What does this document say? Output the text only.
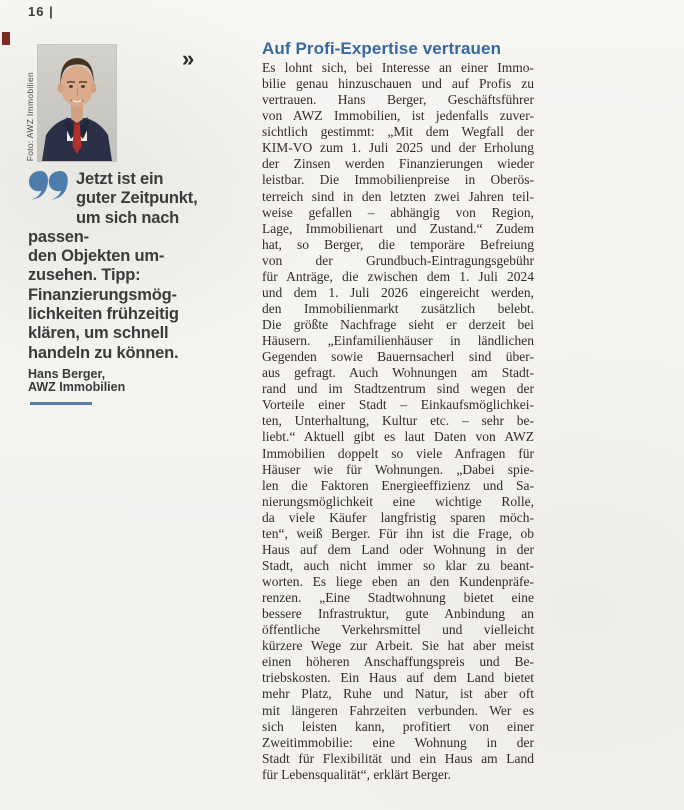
16 |
Foto: AWZ Immobilien
»
Jetzt ist ein
guter Zeitpunkt,
um sich nach passen-
den Objekten um-
zusehen. Tipp:
Finanzierungsmög-
lichkeiten frühzeitig
klären, um schnell
handeln zu können.
Hans Berger,
AWZ Immobilien
Auf Profi-Expertise vertrauen
Es lohnt sich, bei Interesse an einer Immo-
bilie genau hinzuschauen und auf Profis zu
vertrauen. Hans Berger, Geschäftsführer
von AWZ Immobilien, ist jedenfalls zuver-
sichtlich gestimmt: „Mit dem Wegfall der
KIM-VO zum 1. Juli 2025 und der Erholung
der Zinsen werden Finanzierungen wieder
leistbar. Die Immobilienpreise in Oberös-
terreich sind in den letzten zwei Jahren teil-
weise gefallen – abhängig von Region,
Lage, Immobilienart und Zustand.“ Zudem
hat, so Berger, die temporäre Befreiung
von der Grundbuch-Eintragungsgebühr
für Anträge, die zwischen dem 1. Juli 2024
und dem 1. Juli 2026 eingereicht werden,
den Immobilienmarkt zusätzlich belebt.
Die größte Nachfrage sieht er derzeit bei
Häusern. „Einfamilienhäuser in ländlichen
Gegenden sowie Bauernsacherl sind über-
aus gefragt. Auch Wohnungen am Stadt-
rand und im Stadtzentrum sind wegen der
Vorteile einer Stadt – Einkaufsmöglichkei-
ten, Unterhaltung, Kultur etc. – sehr be-
liebt.“ Aktuell gibt es laut Daten von AWZ
Immobilien doppelt so viele Anfragen für
Häuser wie für Wohnungen. „Dabei spie-
len die Faktoren Energieeffizienz und Sa-
nierungsmöglichkeit eine wichtige Rolle,
da viele Käufer langfristig sparen möch-
ten“, weiß Berger. Für ihn ist die Frage, ob
Haus auf dem Land oder Wohnung in der
Stadt, auch nicht immer so klar zu beant-
worten. Es liege eben an den Kundenpräfe-
renzen. „Eine Stadtwohnung bietet eine
bessere Infrastruktur, gute Anbindung an
öffentliche Verkehrsmittel und vielleicht
kürzere Wege zur Arbeit. Sie hat aber meist
einen höheren Anschaffungspreis und Be-
triebskosten. Ein Haus auf dem Land bietet
mehr Platz, Ruhe und Natur, ist aber oft
mit längeren Fahrzeiten verbunden. Wer es
sich leisten kann, profitiert von einer
Zweitimmobilie: eine Wohnung in der
Stadt für Flexibilität und ein Haus am Land
für Lebensqualität“, erklärt Berger.
